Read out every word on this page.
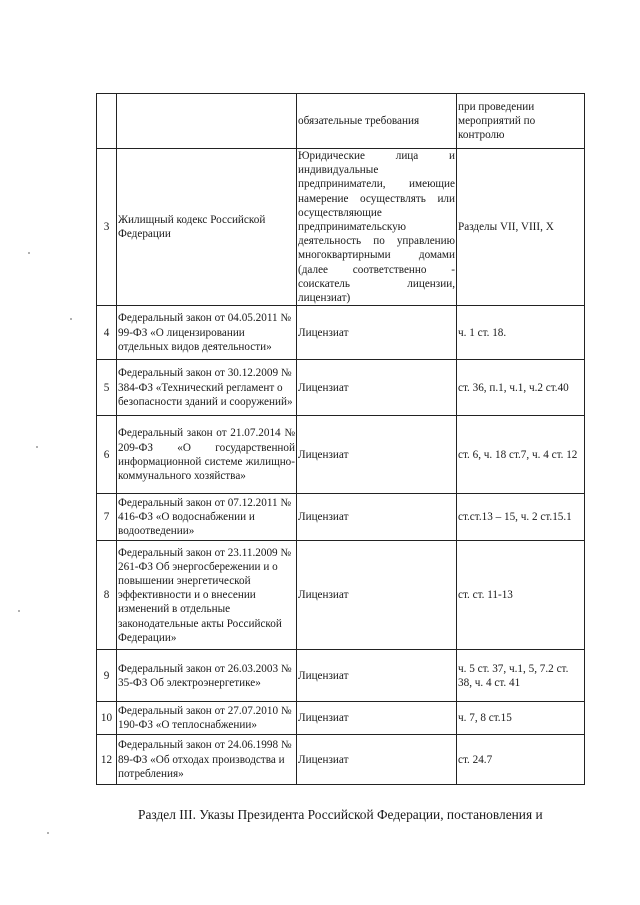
		обязательные требования	при проведении мероприятий по контролю
3	Жилищный кодекс Российской Федерации	Юридические лица и индивидуальные предприниматели, имеющие намерение осуществлять или осуществляющие предпринимательскую деятельность по управлению многоквартирными домами (далее соответственно - соискатель лицензии, лицензиат)	Разделы VII, VIII, X
4	Федеральный закон от 04.05.2011 № 99-ФЗ «О лицензировании отдельных видов деятельности»	Лицензиат	ч. 1 ст. 18.
5	Федеральный закон от 30.12.2009 № 384-ФЗ «Технический регламент о безопасности зданий и сооружений»	Лицензиат	ст. 36, п.1, ч.1, ч.2 ст.40
6	Федеральный закон от 21.07.2014 № 209-ФЗ «О государственной информационной системе жилищно-коммунального хозяйства»	Лицензиат	ст. 6, ч. 18 ст.7, ч. 4 ст. 12
7	Федеральный закон от 07.12.2011 № 416-ФЗ «О водоснабжении и водоотведении»	Лицензиат	ст.ст.13 – 15, ч. 2 ст.15.1
8	Федеральный закон от 23.11.2009 № 261-ФЗ Об энергосбережении и о повышении энергетической эффективности и о внесении изменений в отдельные законодательные акты Российской Федерации»	Лицензиат	ст. ст. 11-13
9	Федеральный закон от 26.03.2003 № 35-ФЗ Об электроэнергетике»	Лицензиат	ч. 5 ст. 37, ч.1, 5, 7.2 ст. 38, ч. 4 ст. 41
10	Федеральный закон от 27.07.2010 № 190-ФЗ «О теплоснабжении»	Лицензиат	ч. 7, 8 ст.15
12	Федеральный закон от 24.06.1998 № 89-ФЗ «Об отходах производства и потребления»	Лицензиат	ст. 24.7
Раздел III. Указы Президента Российской Федерации, постановления и
